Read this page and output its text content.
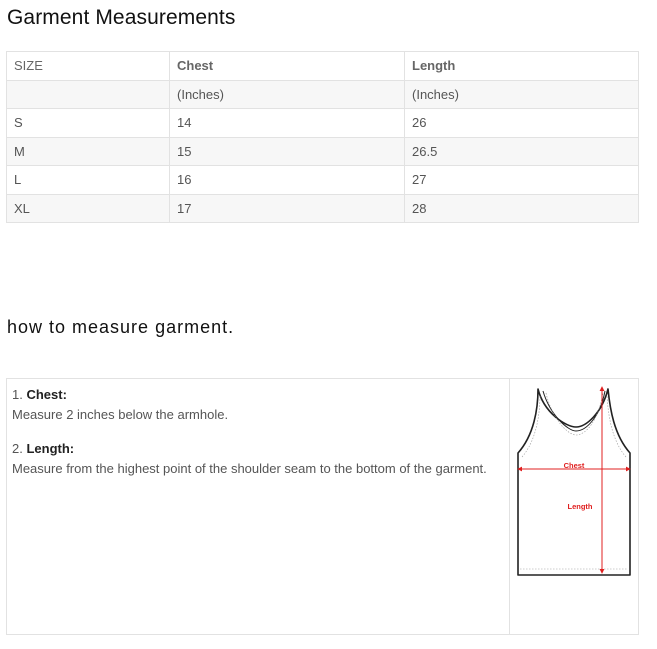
Garment Measurements
SIZE	Chest	Length
	(Inches)	(Inches)
S	14	26
M	15	26.5
L	16	27
XL	17	28
how to measure garment.

1. Chest:

Measure 2 inches below the armhole.

2. Length:

Measure from the highest point of the shoulder seam to the bottom of the garment.	Chest
Length
